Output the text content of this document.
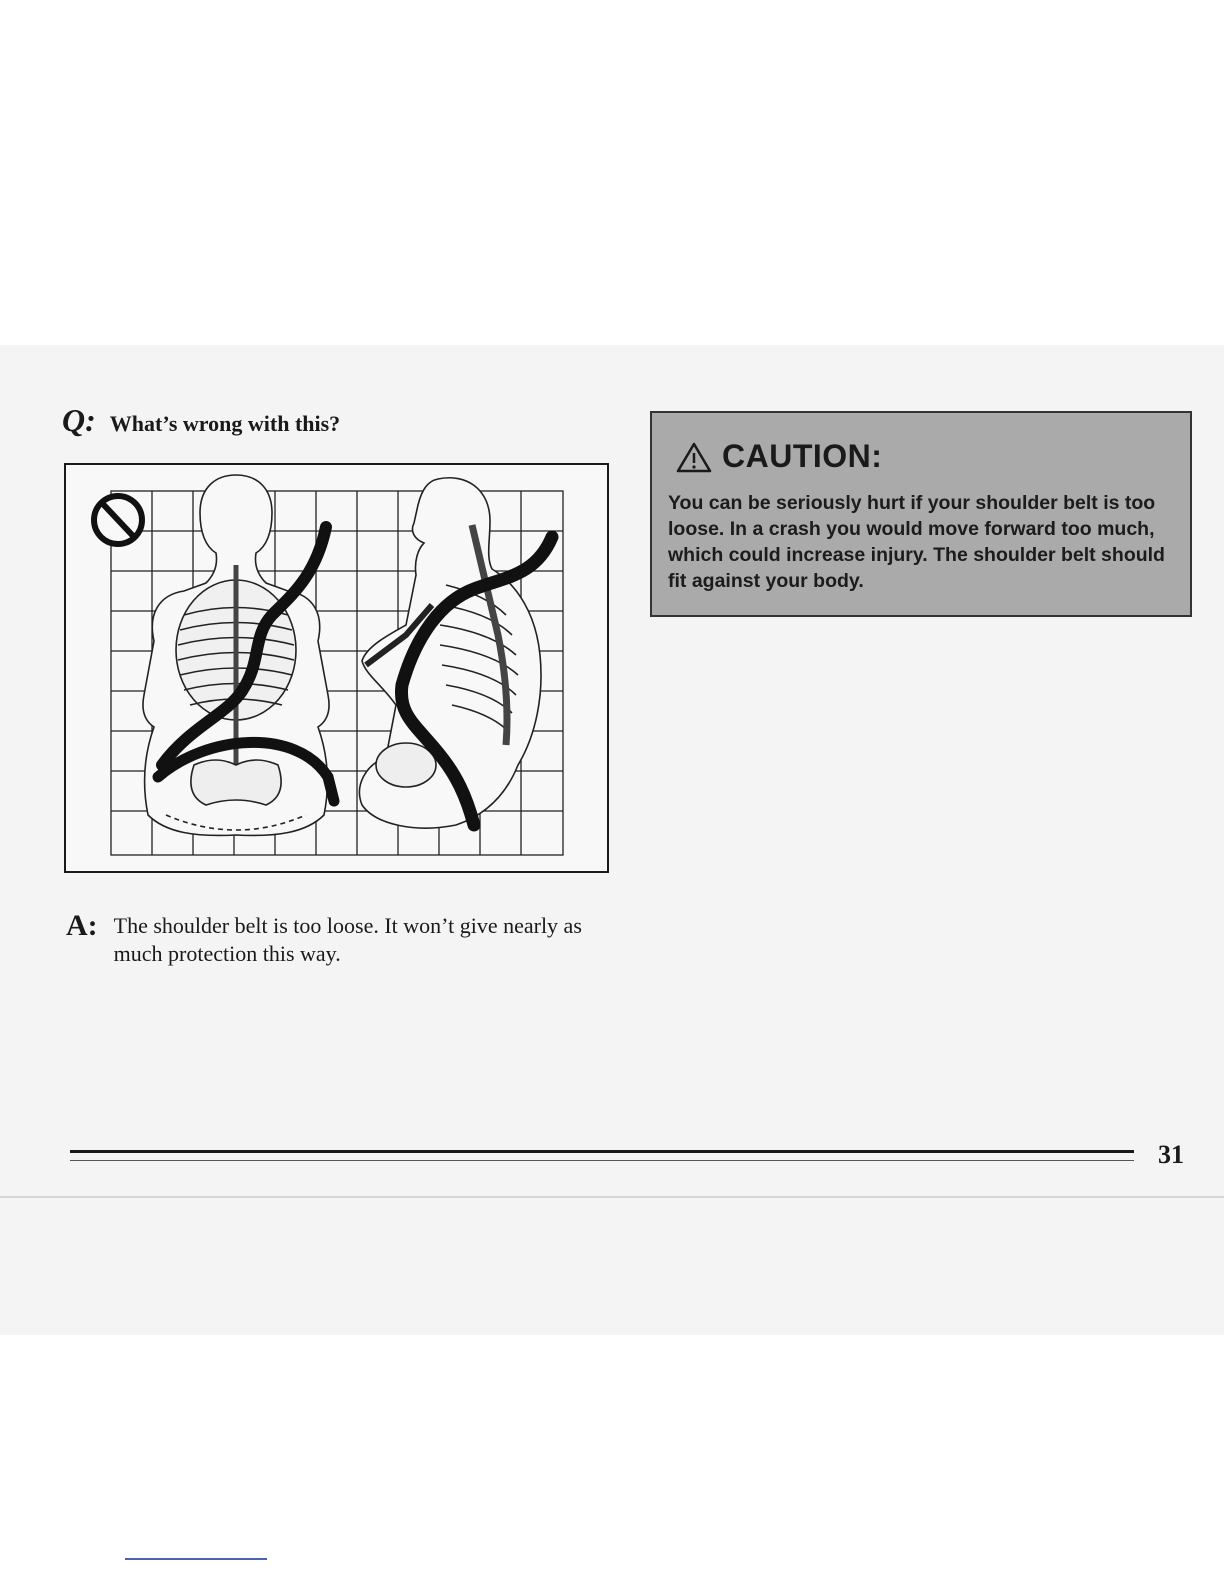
Q: What’s wrong with this?
A: The shoulder belt is too loose. It won’t give nearly as much protection this way.
CAUTION:
You can be seriously hurt if your shoulder belt is too loose. In a crash you would move forward too much, which could increase injury. The shoulder belt should fit against your body.
31
